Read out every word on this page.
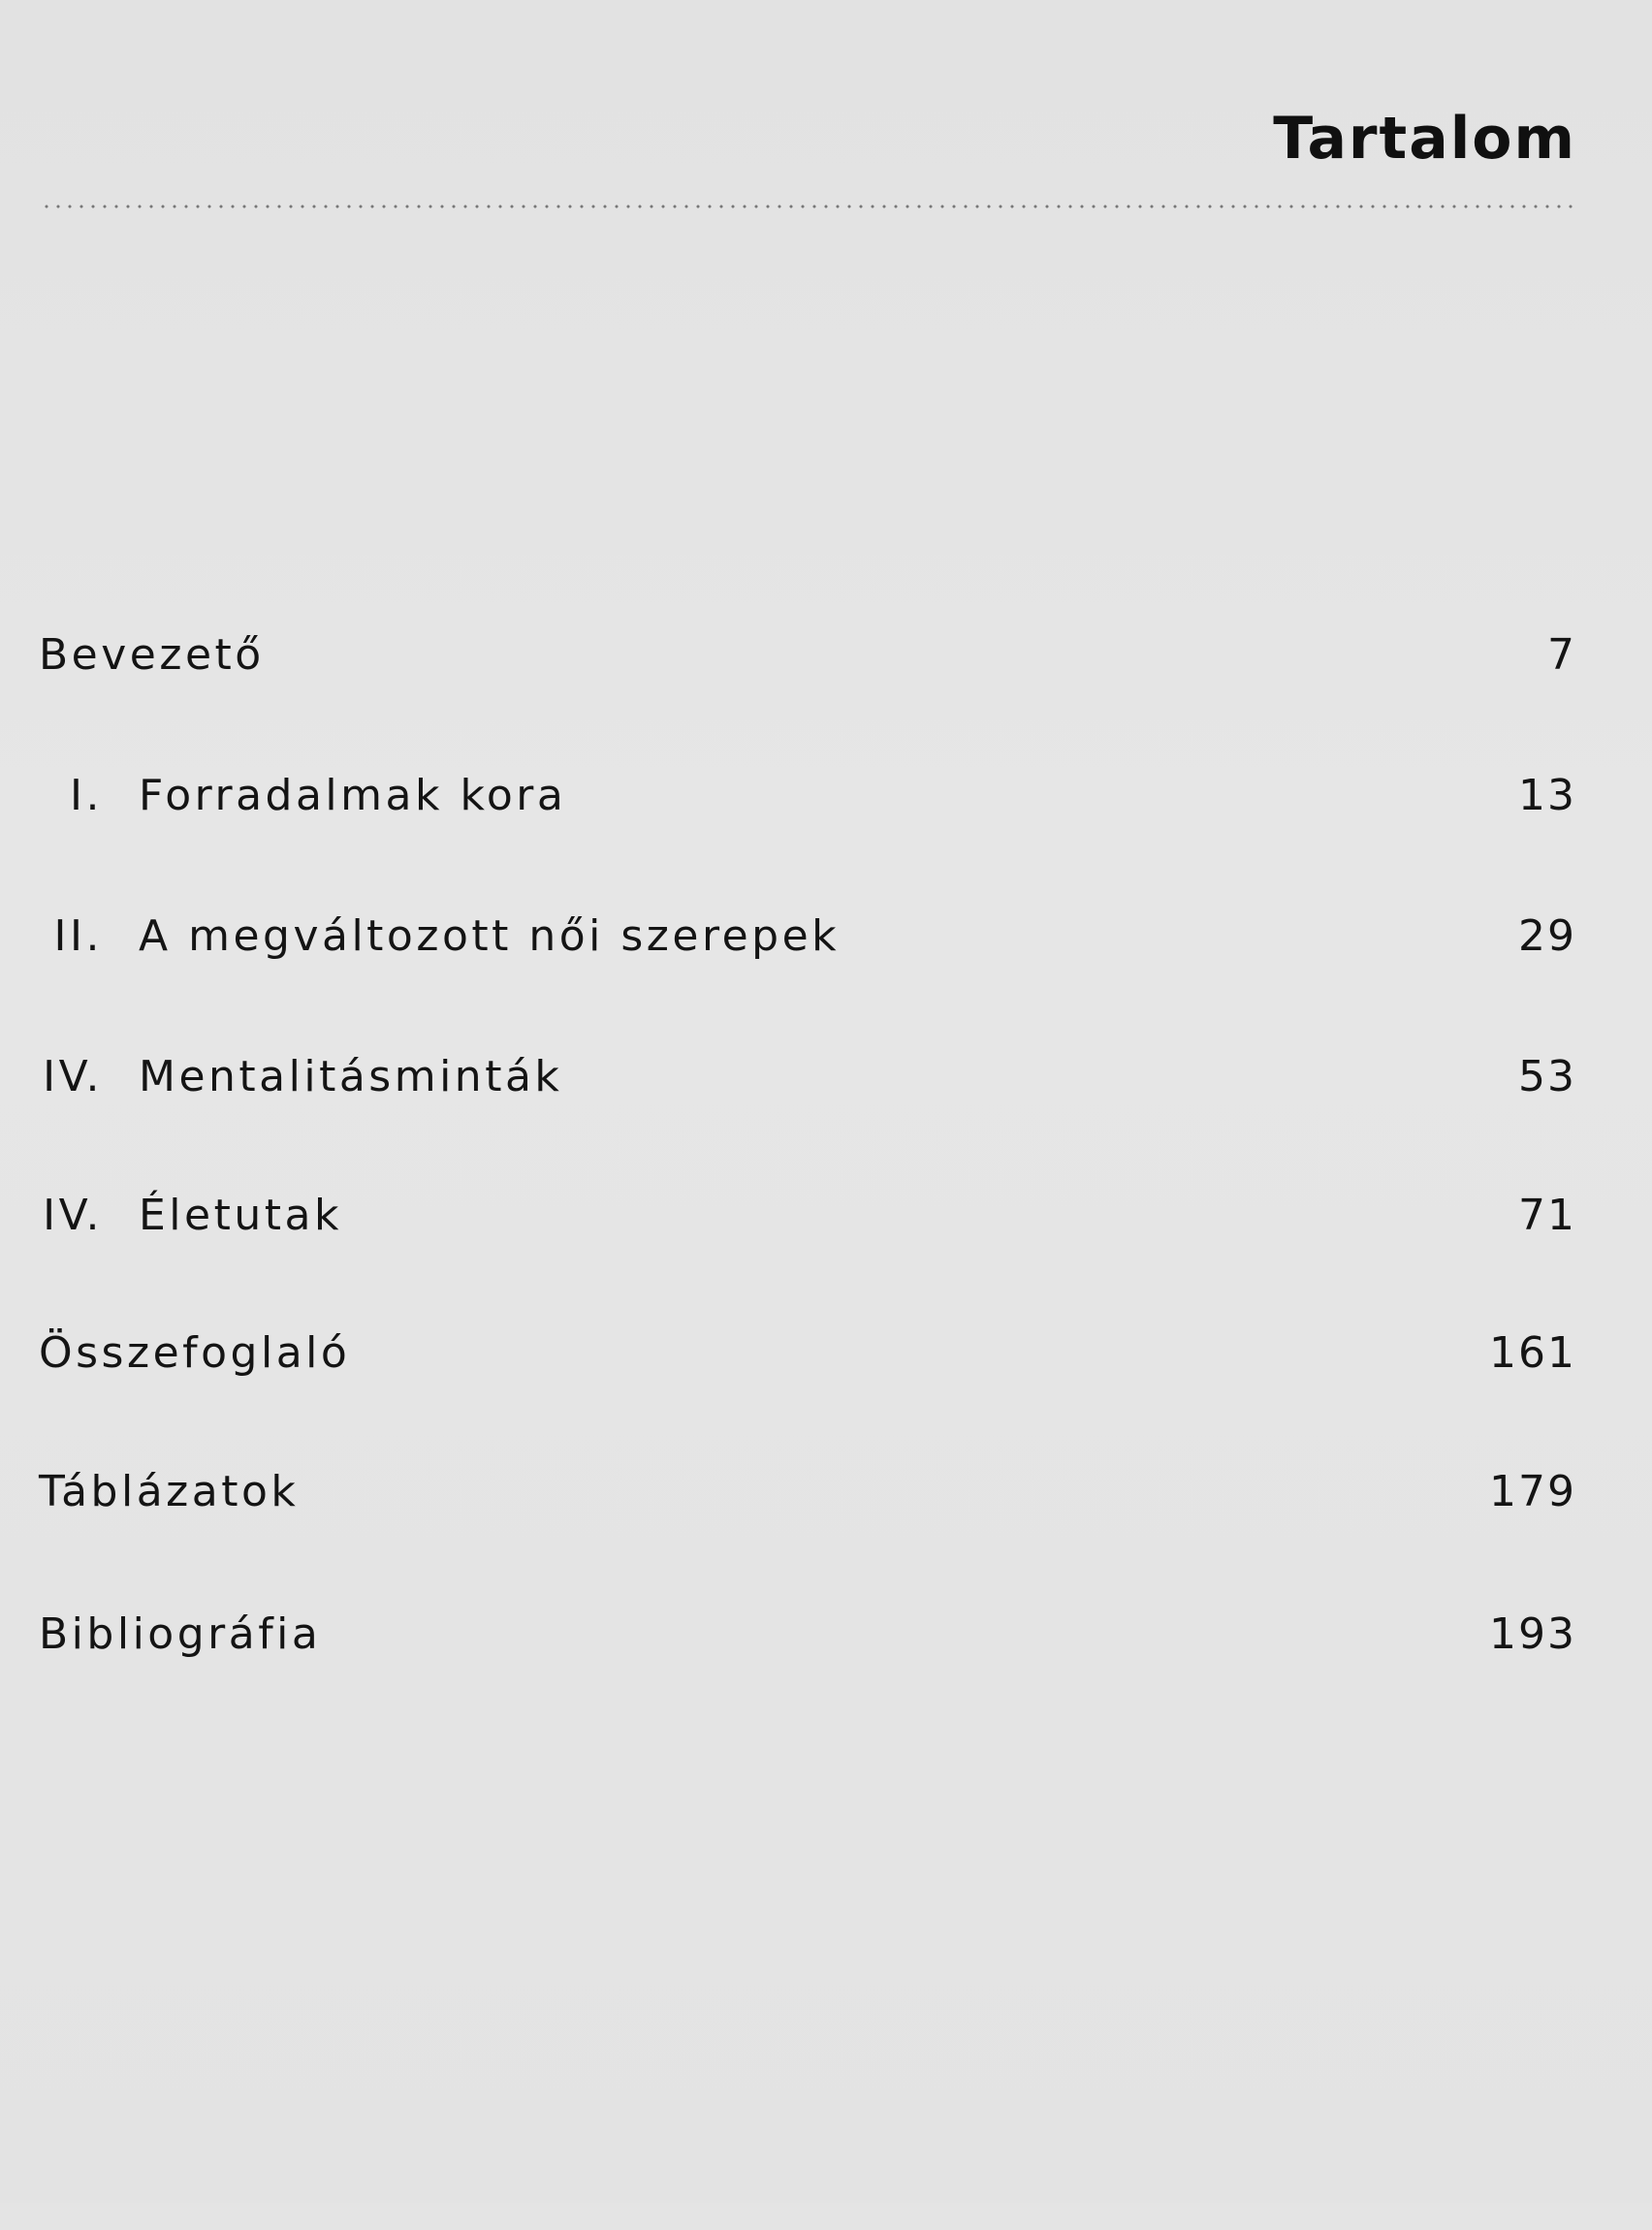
Tartalom
Bevezető	7
I. Forradalmak kora	13
II. A megváltozott női szerepek	29
IV. Mentalitásminták	53
IV. Életutak	71
Összefoglaló	161
Táblázatok	179
Bibliográfia	193
